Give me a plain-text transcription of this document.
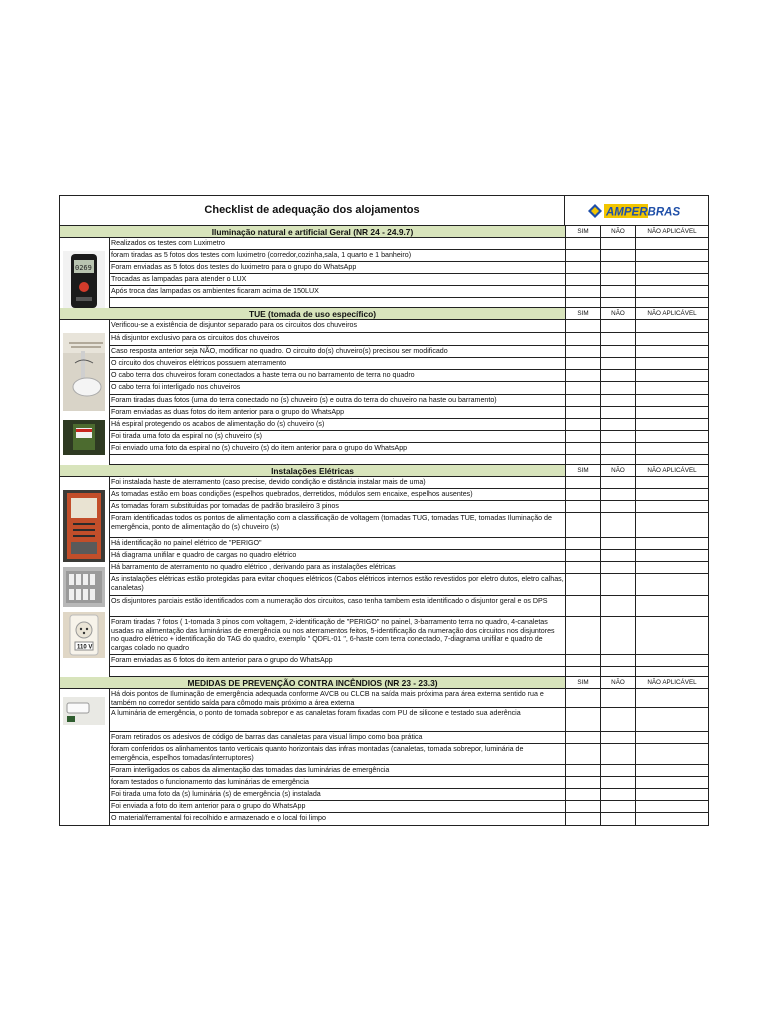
Checklist de adequação dos alojamentos	AMPERBRAS
Iluminação natural e artificial Geral (NR 24 - 24.9.7)	SIM	NÃO	NÃO APLICÁVEL
0269
Realizados os testes com Luximetro
foram tiradas as 5 fotos dos testes com luximetro (corredor,cozinha,sala, 1 quarto e 1 banheiro)
Foram enviadas as 5 fotos dos testes do luximetro para o grupo do WhatsApp
Trocadas as lampadas para atender o LUX
Após troca das lampadas os ambientes ficaram acima de 150LUX
TUE (tomada de uso específico)	SIM	NÃO	NÃO APLICÁVEL
Verificou-se a existência de disjuntor separado para os circuitos dos chuveiros
Há disjuntor exclusivo para os circuitos dos chuveiros
Caso resposta anterior seja NÃO, modificar no quadro. O circuito do(s) chuveiro(s) precisou ser modificado
O circuito dos chuveiros elétricos possuem aterramento
O cabo terra dos chuveiros foram conectados a haste terra ou no barramento de terra no quadro
O cabo terra foi interligado nos chuveiros
Foram tiradas duas fotos (uma do terra conectado no (s) chuveiro (s) e outra do terra do chuveiro na haste ou barramento)
Foram enviadas as duas fotos do item anterior para o grupo do WhatsApp
Há espiral protegendo os acabos de alimentação do (s) chuveiro (s)
Foi tirada uma foto da espiral no (s) chuveiro (s)
Foi enviado uma foto da espiral no (s) chuveiro (s) do item anterior para o grupo do WhatsApp
Instalações Elétricas	SIM	NÃO	NÃO APLICÁVEL
110 V
Foi instalada haste de aterramento (caso precise, devido condição e distância instalar mais de uma)
As tomadas estão em boas condições (espelhos quebrados, derretidos, módulos sem encaixe, espelhos ausentes)
As tomadas foram substituidas por tomadas de padrão brasileiro 3 pinos
Foram identificadas todos os pontos de alimentação com a classificação de voltagem (tomadas TUG, tomadas TUE, tomadas Iluminação de emergência, ponto de alimentação do (s) chuveiro (s)
Há identificação no painel elétrico de "PERIGO"
Há diagrama unifilar e quadro de cargas no quadro elétrico
Há barramento de aterramento no quadro elétrico , derivando para as instalações elétricas
As instalações elétricas estão protegidas para evitar choques elétricos (Cabos elétricos internos estão revestidos por eletro dutos, eletro calhas, canaletas)
Os disjuntores parciais estão identificados com a numeração dos circuitos, caso tenha tambem esta identificado o disjuntor geral e os DPS
Foram tiradas 7 fotos ( 1-tomada 3 pinos com voltagem, 2-identificação de "PERIGO" no painel, 3-barramento terra no quadro, 4-canaletas usadas na alimentação das luminárias de emergência ou nos aterramentos feitos, 5-identificação da numeração dos circuitos nos disjuntores no quadro elétrico + identificação do TAG do quadro, exemplo " QDFL-01 ", 6-haste com terra conectado, 7-diagrama unifilar e quadro de cargas colado no quadro
Foram enviadas as 6 fotos do item anterior para o grupo do WhatsApp
MEDIDAS DE PREVENÇÃO CONTRA INCÊNDIOS (NR 23 - 23.3)	SIM	NÃO	NÃO APLICÁVEL
Há dois pontos de Iluminação de emergência adequada conforme AVCB ou CLCB na saída mais próxima para área externa sentido rua e também no corredor sentido saída para cômodo mais próximo a área externa
A luminária de emergência, o ponto de tomada sobrepor e as canaletas foram fixadas com PU de silicone e testado sua aderência
Foram retirados os adesivos de código de barras das canaletas para visual limpo como boa prática
foram conferidos os alinhamentos tanto verticais quanto horizontais das infras montadas (canaletas, tomada sobrepor, luminária de emergência, espelhos tomadas/interruptores)
Foram interligados os cabos da alimentação das tomadas das luminárias de emergência
foram testados o funcionamento das luminárias de emergência
Foi tirada uma foto da (s) luminária (s) de emergência (s) instalada
Foi enviada a foto do item anterior para o grupo do WhatsApp
O material/ferramental foi recolhido e armazenado e o local foi limpo
